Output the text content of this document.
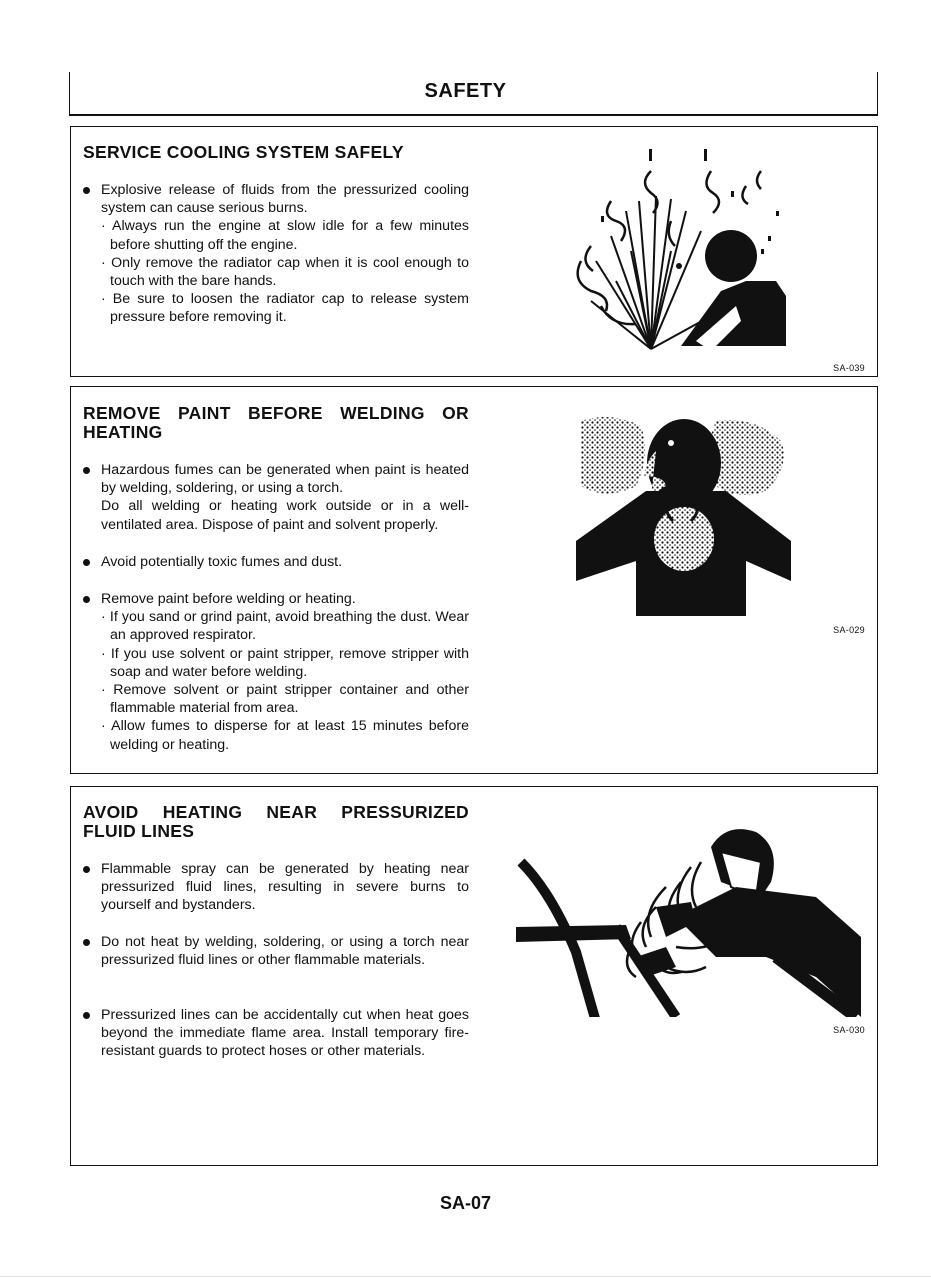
SAFETY
SERVICE COOLING SYSTEM SAFELY
Explosive release of fluids from the pressurized cooling system can cause serious burns.
· Always run the engine at slow idle for a few minutes before shutting off the engine.
· Only remove the radiator cap when it is cool enough to touch with the bare hands.
· Be sure to loosen the radiator cap to release system pressure before removing it.
SA-039
REMOVE PAINT BEFORE WELDING OR
HEATING
Hazardous fumes can be generated when paint is heated by welding, soldering, or using a torch.
Do all welding or heating work outside or in a well-ventilated area. Dispose of paint and solvent properly.
Avoid potentially toxic fumes and dust.
Remove paint before welding or heating.
· If you sand or grind paint, avoid breathing the dust. Wear an approved respirator.
· If you use solvent or paint stripper, remove stripper with soap and water before welding.
· Remove solvent or paint stripper container and other flammable material from area.
· Allow fumes to disperse for at least 15 minutes before welding or heating.
SA-029
AVOID HEATING NEAR PRESSURIZED
FLUID LINES
Flammable spray can be generated by heating near pressurized fluid lines, resulting in severe burns to yourself and bystanders.
Do not heat by welding, soldering, or using a torch near pressurized fluid lines or other flammable materials.
Pressurized lines can be accidentally cut when heat goes beyond the immediate flame area. Install temporary fire-resistant guards to protect hoses or other materials.
SA-030
SA-07
